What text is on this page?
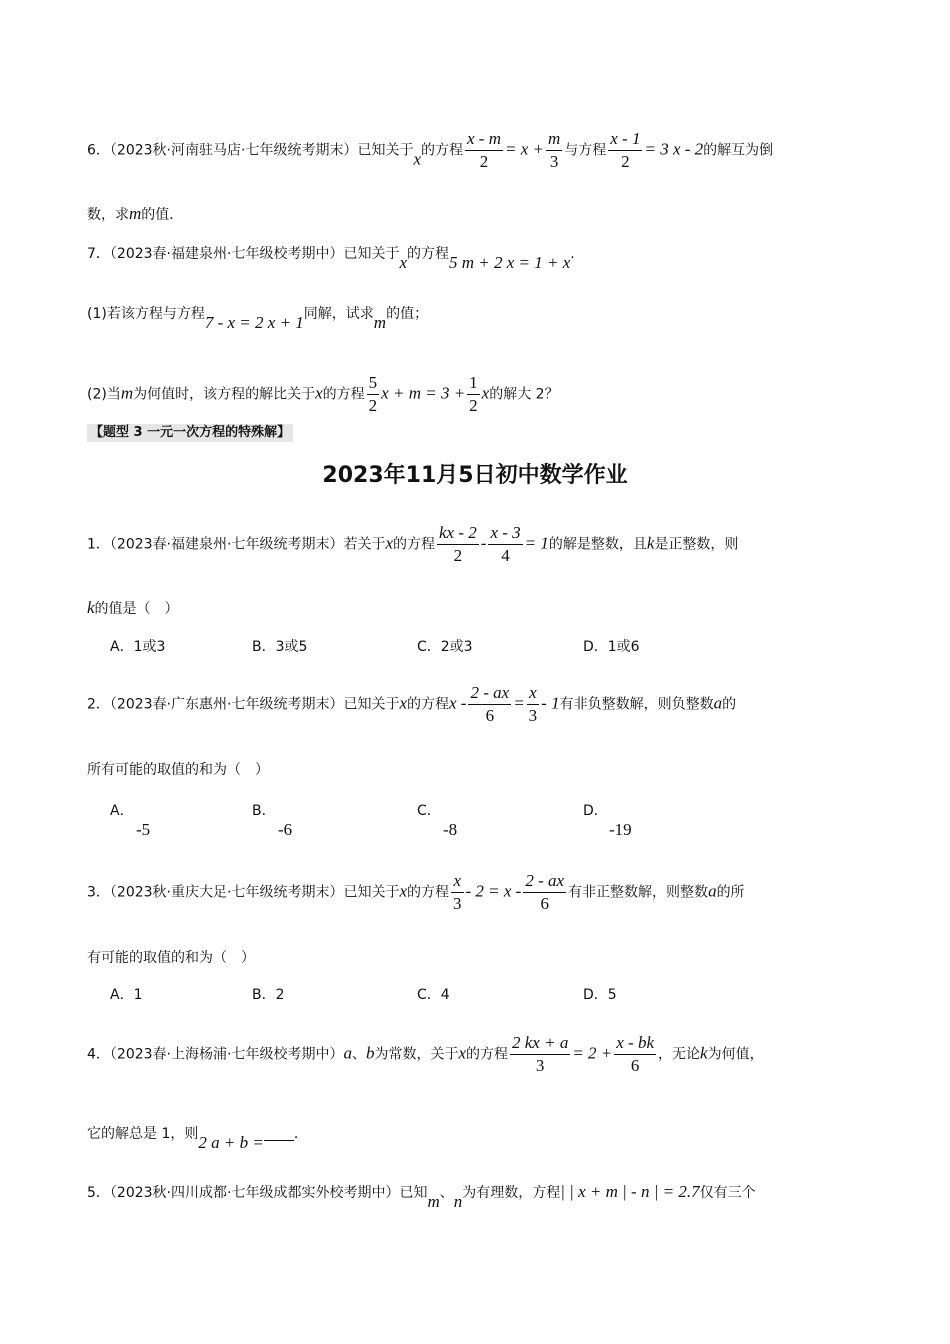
6．（2023秋·河南驻马店·七年级统考期末）已知关于x的方程 $\frac{x - m}{2} = x + \frac{m}{3}$ 与方程 $\frac{x - 1}{2} = 3$ x - 2的解互为倒
数，求m的值．
7．（2023春·福建泉州·七年级校考期中）已知关于x的方程5 m + 2 x = 1 + x.
(1)若该方程与方程7 - x = 2 x + 1同解，试求m的值；
(2)当m为何值时，该方程的解比关于x的方程 $\frac{5}{2}$ $x + m = 3 + \frac{1}{2}$ x的解大 2？
【题型 3 一元一次方程的特殊解】
2023年11月5日初中数学作业
1．（2023春·福建泉州·七年级统考期末）若关于x的方程 $\frac{kx - 2}{2} - \frac{x - 3}{4} = 1$的解是整数，且k是正整数，则
k的值是（　）
A．1或3	B．3或5	C．2或3	D．1或6
2．（2023春·广东惠州·七年级统考期末）已知关于x的方程$x - \frac{2 - ax}{6} = \frac{x}{3} - 1$有非负整数解，则负整数a的
所有可能的取值的和为（　）
A．
-5
B．
-6
C．
-8
D．
-19
3．（2023秋·重庆大足·七年级统考期末）已知关于x的方程 $\frac{x}{3} - 2 = x - \frac{2 - ax}{6}$ 有非正整数解，则整数a的所
有可能的取值的和为（　）
A．1	B．2	C．4	D．5
4．（2023春·上海杨浦·七年级校考期中）a、b为常数，关于x的方程 $\frac{2 kx + a}{3} = 2 + \frac{x - bk}{6}$ ，无论k为何值，
它的解总是 1，则2 a + b = ．
5．（2023秋·四川成都·七年级成都实外校考期中）已知m、n为有理数，方程| | x + m | - n | = 2.7仅有三个
